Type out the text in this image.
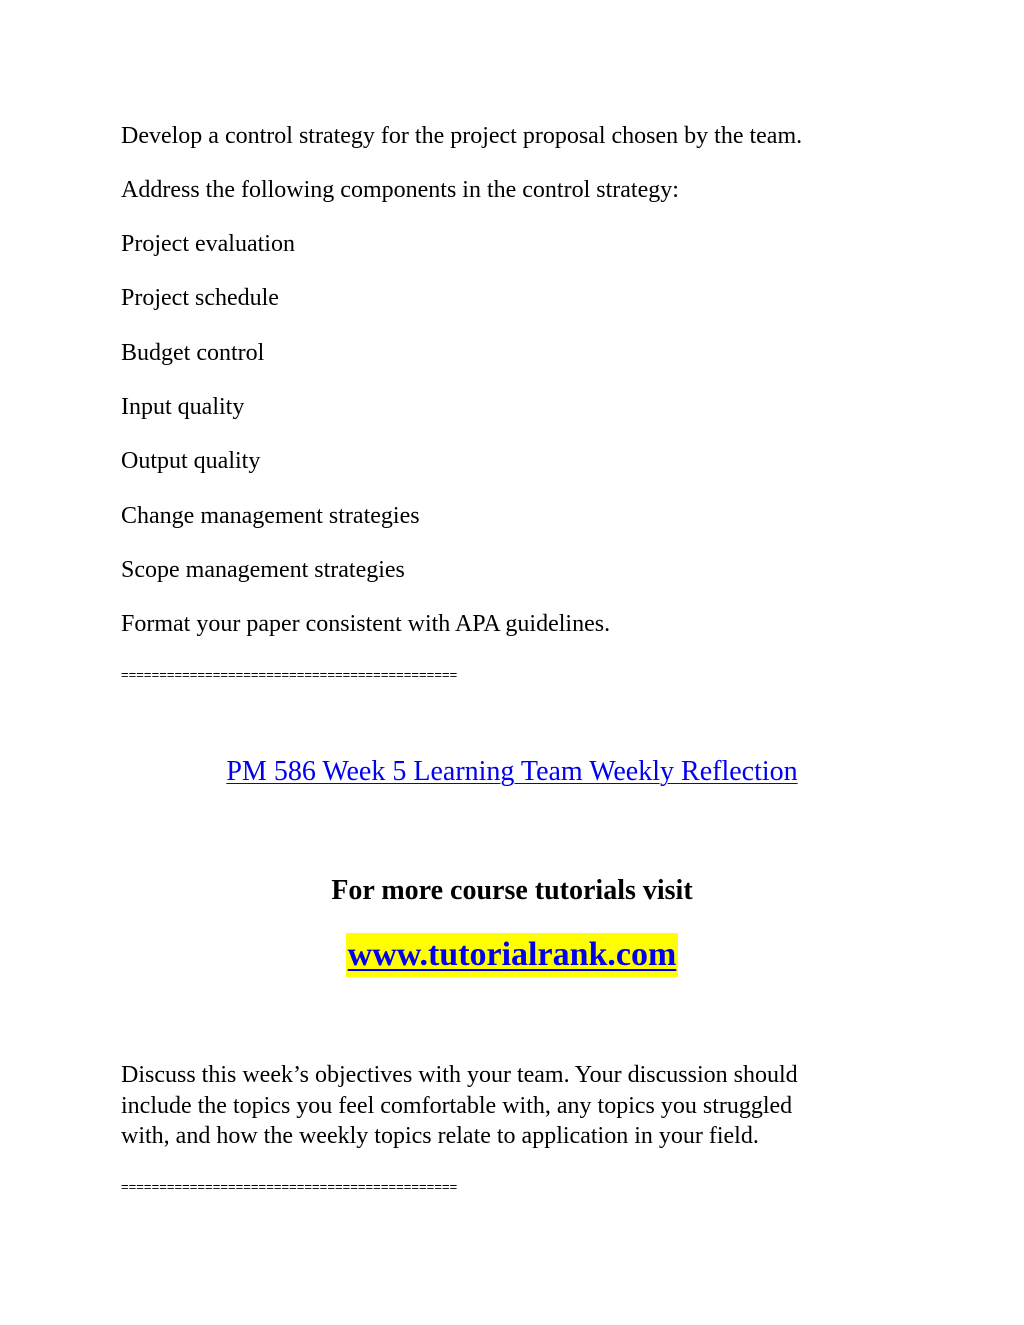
Develop a control strategy for the project proposal chosen by the team.
Address the following components in the control strategy:
Project evaluation
Project schedule
Budget control
Input quality
Output quality
Change management strategies
Scope management strategies
Format your paper consistent with APA guidelines.
============================================
PM 586 Week 5 Learning Team Weekly Reflection
For more course tutorials visit
www.tutorialrank.com
Discuss this week’s objectives with your team. Your discussion should
include the topics you feel comfortable with, any topics you struggled
with, and how the weekly topics relate to application in your field.
============================================
